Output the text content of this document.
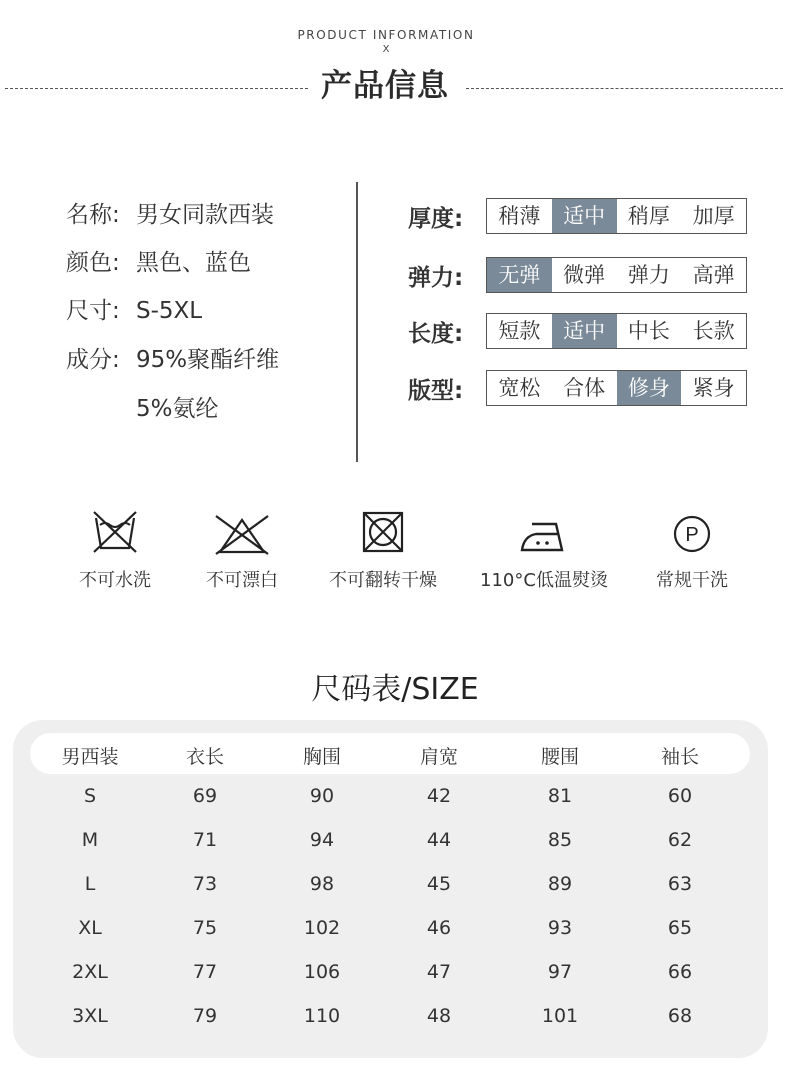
PRODUCT INFORMATION
X
产品信息
名称: 男女同款西装
颜色: 黑色、蓝色
尺寸: S-5XL
成分: 95%聚酯纤维
5%氨纶
厚度:	稍薄	适中	稍厚	加厚
弹力:	无弹	微弹	弹力	高弹
长度:	短款	适中	中长	长款
版型:	宽松	合体	修身	紧身
不可水洗	不可漂白	不可翻转干燥	110°C低温熨烫
P
常规干洗
尺码表/SIZE
男西装	衣长	胸围	肩宽	腰围	袖长
S	69	90	42	81	60
M	71	94	44	85	62
L	73	98	45	89	63
XL	75	102	46	93	65
2XL	77	106	47	97	66
3XL	79	110	48	101	68
